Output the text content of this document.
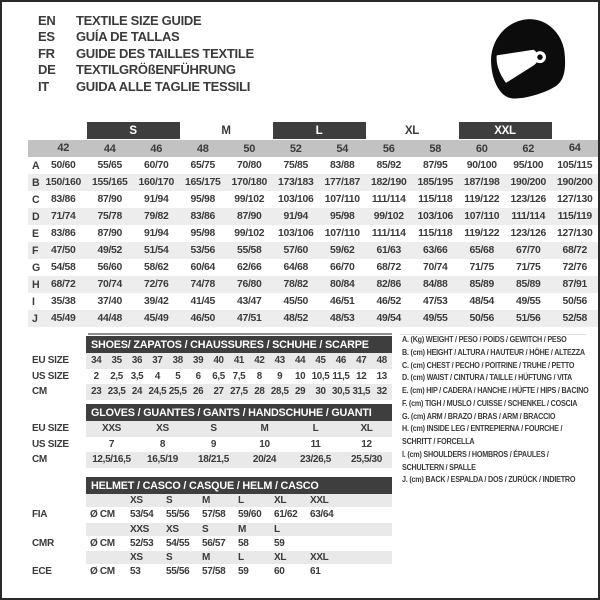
EN TEXTILE SIZE GUIDE
ES GUÍA DE TALLAS
FR GUIDE DES TAILLES TEXTILE
DE TEXTILGRÖßENFÜHRUNG
IT GUIDA ALLE TAGLIE TESSILI
		S		M		L		XL		XXL		
	42	44	46	48	50	52	54	56	58	60	62	64
A	50/60	55/65	60/70	65/75	70/80	75/85	83/88	85/92	87/95	90/100	95/100	105/115
B	150/160	155/165	160/170	165/175	170/180	173/183	177/187	182/190	185/195	187/198	190/200	190/200
C	83/86	87/90	91/94	95/98	99/102	103/106	107/110	111/114	115/118	119/122	123/126	127/130
D	71/74	75/78	79/82	83/86	87/90	91/94	95/98	99/102	103/106	107/110	111/114	115/119
E	83/86	87/90	91/94	95/98	99/102	103/106	107/110	111/114	115/118	119/122	123/126	127/130
F	47/50	49/52	51/54	53/56	55/58	57/60	59/62	61/63	63/66	65/68	67/70	68/72
G	54/58	56/60	58/62	60/64	62/66	64/68	66/70	68/72	70/74	71/75	71/75	72/76
H	68/72	70/74	72/76	74/78	76/80	78/82	80/84	82/86	84/88	85/89	85/89	87/91
I	35/38	37/40	39/42	41/45	43/47	45/50	46/51	46/52	47/53	48/54	49/55	50/56
J	45/49	44/48	45/49	46/50	47/51	48/52	48/53	49/54	49/55	50/56	51/56	52/58
	SHOES/ ZAPATOS / CHAUSSURES / SCHUHE / SCARPE														
EU SIZE	34	35	36	37	38	39	40	41	42	43	44	45	46	47	48
US SIZE	2	2,5	3,5	4	5	6	6,5	7,5	8	9	10	10,5	11,5	12	13
CM	23	23,5	24	24,5	25,5	26	27	27,5	28	28,5	29	30	30,5	31,5	32
	GLOVES / GUANTES / GANTS / HANDSCHUHE / GUANTI					
EU SIZE	XXS	XS	S	M	L	XL
US SIZE	7	8	9	10	11	12
CM	12,5/16,5	16,5/19	18/21,5	20/24	23/26,5	25,5/30
	HELMET / CASCO / CASQUE / HELM / CASCO							
		XS	S	M	L	XL	XXL	
FIA	Ø CM	53/54	55/56	57/58	59/60	61/62	63/64	
		XXS	XS	S	M	L		
CMR	Ø CM	52/53	54/55	56/57	58	59		
		XS	S	M	L	XL	XXL	
ECE	Ø CM	53	55/56	57/58	59	60	61	
A. (Kg) WEIGHT / PESO / POIDS / GEWITCH / PESO
B. (cm) HEIGHT / ALTURA / HAUTEUR / HÖHE / ALTEZZA
C. (cm) CHEST / PECHO / POITRINE / TRUHE / PETTO
D. (cm) WAIST / CINTURA / TAILLE / HÜFTUNG / VITA
E. (cm) HIP / CADERA / HANCHE / HÜFTE / HIPS / BACINO
F. (cm) TIGH / MUSLO / CUISSE / SCHENKEL / COSCIA
G. (cm) ARM / BRAZO / BRAS / ARM / BRACCIO
H. (cm) INSIDE LEG / ENTREPIERNA / FOURCHE /
SCHRITT / FORCELLA
I. (cm) SHOULDERS / HOMBROS / ÉPAULES /
SCHULTERN / SPALLE
J. (cm) BACK / ESPALDA / DOS / ZURÜCK / INDIETRO
